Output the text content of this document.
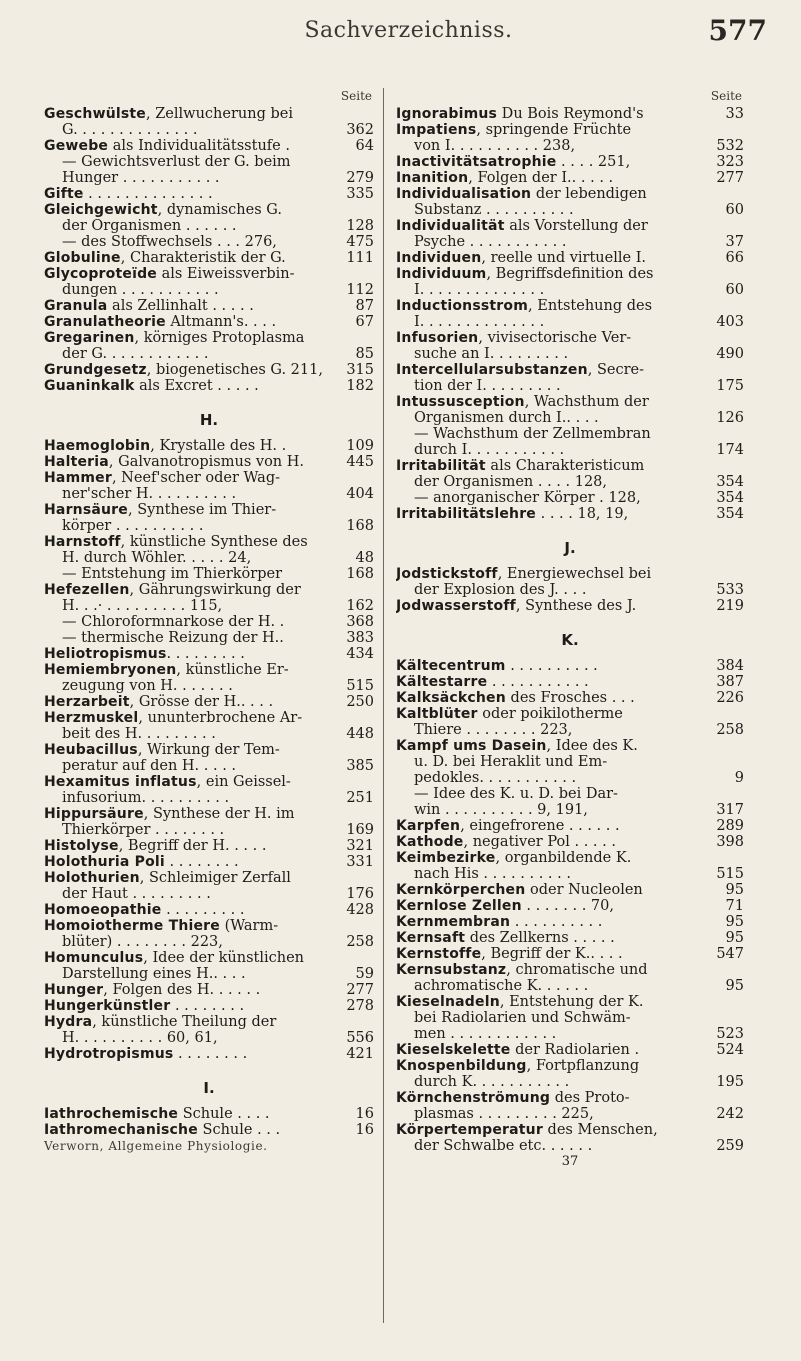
Sachverzeichniss.	577
Seite
Geschwülste, Zellwucherung bei
G. . . . . . . . . . . . . .	362
Gewebe als Individualitätsstufe .	64
— Gewichtsverlust der G. beim
Hunger . . . . . . . . . . .	279
Gifte . . . . . . . . . . . . . .	335
Gleichgewicht, dynamisches G.
der Organismen . . . . . .	128
— des Stoffwechsels . . . 276,	475
Globuline, Charakteristik der G.	111
Glycoproteïde als Eiweissverbin-
dungen . . . . . . . . . . .	112
Granula als Zellinhalt . . . . .	87
Granulatheorie Altmann's. . . .	67
Gregarinen, körniges Protoplasma
der G. . . . . . . . . . . .	85
Grundgesetz, biogenetisches G. 211,	315
Guaninkalk als Excret . . . . .	182
H.
Haemoglobin, Krystalle des H. .	109
Halteria, Galvanotropismus von H.	445
Hammer, Neef'scher oder Wag-
ner'scher H. . . . . . . . . .	404
Harnsäure, Synthese im Thier-
körper . . . . . . . . . .	168
Harnstoff, künstliche Synthese des
H. durch Wöhler. . . . . 24,	48
— Entstehung im Thierkörper	168
Hefezellen, Gährungswirkung der
H. . .· . . . . . . . . . 115,	162
— Chloroformnarkose der H. .	368
— thermische Reizung der H..	383
Heliotropismus. . . . . . . . .	434
Hemiembryonen, künstliche Er-
zeugung von H. . . . . . .	515
Herzarbeit, Grösse der H.. . . .	250
Herzmuskel, ununterbrochene Ar-
beit des H. . . . . . . . .	448
Heubacillus, Wirkung der Tem-
peratur auf den H. . . . .	385
Hexamitus inflatus, ein Geissel-
infusorium. . . . . . . . . .	251
Hippursäure, Synthese der H. im
Thierkörper . . . . . . . .	169
Histolyse, Begriff der H. . . . .	321
Holothuria Poli . . . . . . . .	331
Holothurien, Schleimiger Zerfall
der Haut . . . . . . . . .	176
Homoeopathie . . . . . . . . .	428
Homoiotherme Thiere (Warm-
blüter) . . . . . . . . 223,	258
Homunculus, Idee der künstlichen
Darstellung eines H.. . . .	59
Hunger, Folgen des H. . . . . .	277
Hungerkünstler . . . . . . . .	278
Hydra, künstliche Theilung der
H. . . . . . . . . . 60, 61,	556
Hydrotropismus . . . . . . . .	421
I.
Iathrochemische Schule . . . .	16
Iathromechanische Schule . . .	16
Verworn, Allgemeine Physiologie.
Seite
Ignorabimus Du Bois Reymond's	33
Impatiens, springende Früchte
von I. . . . . . . . . . 238,	532
Inactivitätsatrophie . . . . 251,	323
Inanition, Folgen der I.. . . . .	277
Individualisation der lebendigen
Substanz . . . . . . . . . .	60
Individualität als Vorstellung der
Psyche . . . . . . . . . . .	37
Individuen, reelle und virtuelle I.	66
Individuum, Begriffsdefinition des
I. . . . . . . . . . . . . .	60
Inductionsstrom, Entstehung des
I. . . . . . . . . . . . . .	403
Infusorien, vivisectorische Ver-
suche an I. . . . . . . . .	490
Intercellularsubstanzen, Secre-
tion der I. . . . . . . . .	175
Intussusception, Wachsthum der
Organismen durch I.. . . .	126
— Wachsthum der Zellmembran
durch I. . . . . . . . . . .	174
Irritabilität als Charakteristicum
der Organismen . . . . 128,	354
— anorganischer Körper . 128,	354
Irritabilitätslehre . . . . 18, 19,	354
J.
Jodstickstoff, Energiewechsel bei
der Explosion des J. . . .	533
Jodwasserstoff, Synthese des J.	219
K.
Kältecentrum . . . . . . . . . .	384
Kältestarre . . . . . . . . . . .	387
Kalksäckchen des Frosches . . .	226
Kaltblüter oder poikilotherme
Thiere . . . . . . . . 223,	258
Kampf ums Dasein, Idee des K.
u. D. bei Heraklit und Em-
pedokles. . . . . . . . . . .	9
— Idee des K. u. D. bei Dar-
win . . . . . . . . . . 9, 191,	317
Karpfen, eingefrorene . . . . . .	289
Kathode, negativer Pol . . . . .	398
Keimbezirke, organbildende K.
nach His . . . . . . . . . .	515
Kernkörperchen oder Nucleolen	95
Kernlose Zellen . . . . . . . 70,	71
Kernmembran . . . . . . . . . .	95
Kernsaft des Zellkerns . . . . .	95
Kernstoffe, Begriff der K.. . . .	547
Kernsubstanz, chromatische und
achromatische K. . . . . .	95
Kieselnadeln, Entstehung der K.
bei Radiolarien und Schwäm-
men . . . . . . . . . . . .	523
Kieselskelette der Radiolarien .	524
Knospenbildung, Fortpflanzung
durch K. . . . . . . . . . .	195
Körnchenströmung des Proto-
plasmas . . . . . . . . . 225,	242
Körpertemperatur des Menschen,
der Schwalbe etc. . . . . .	259
37
